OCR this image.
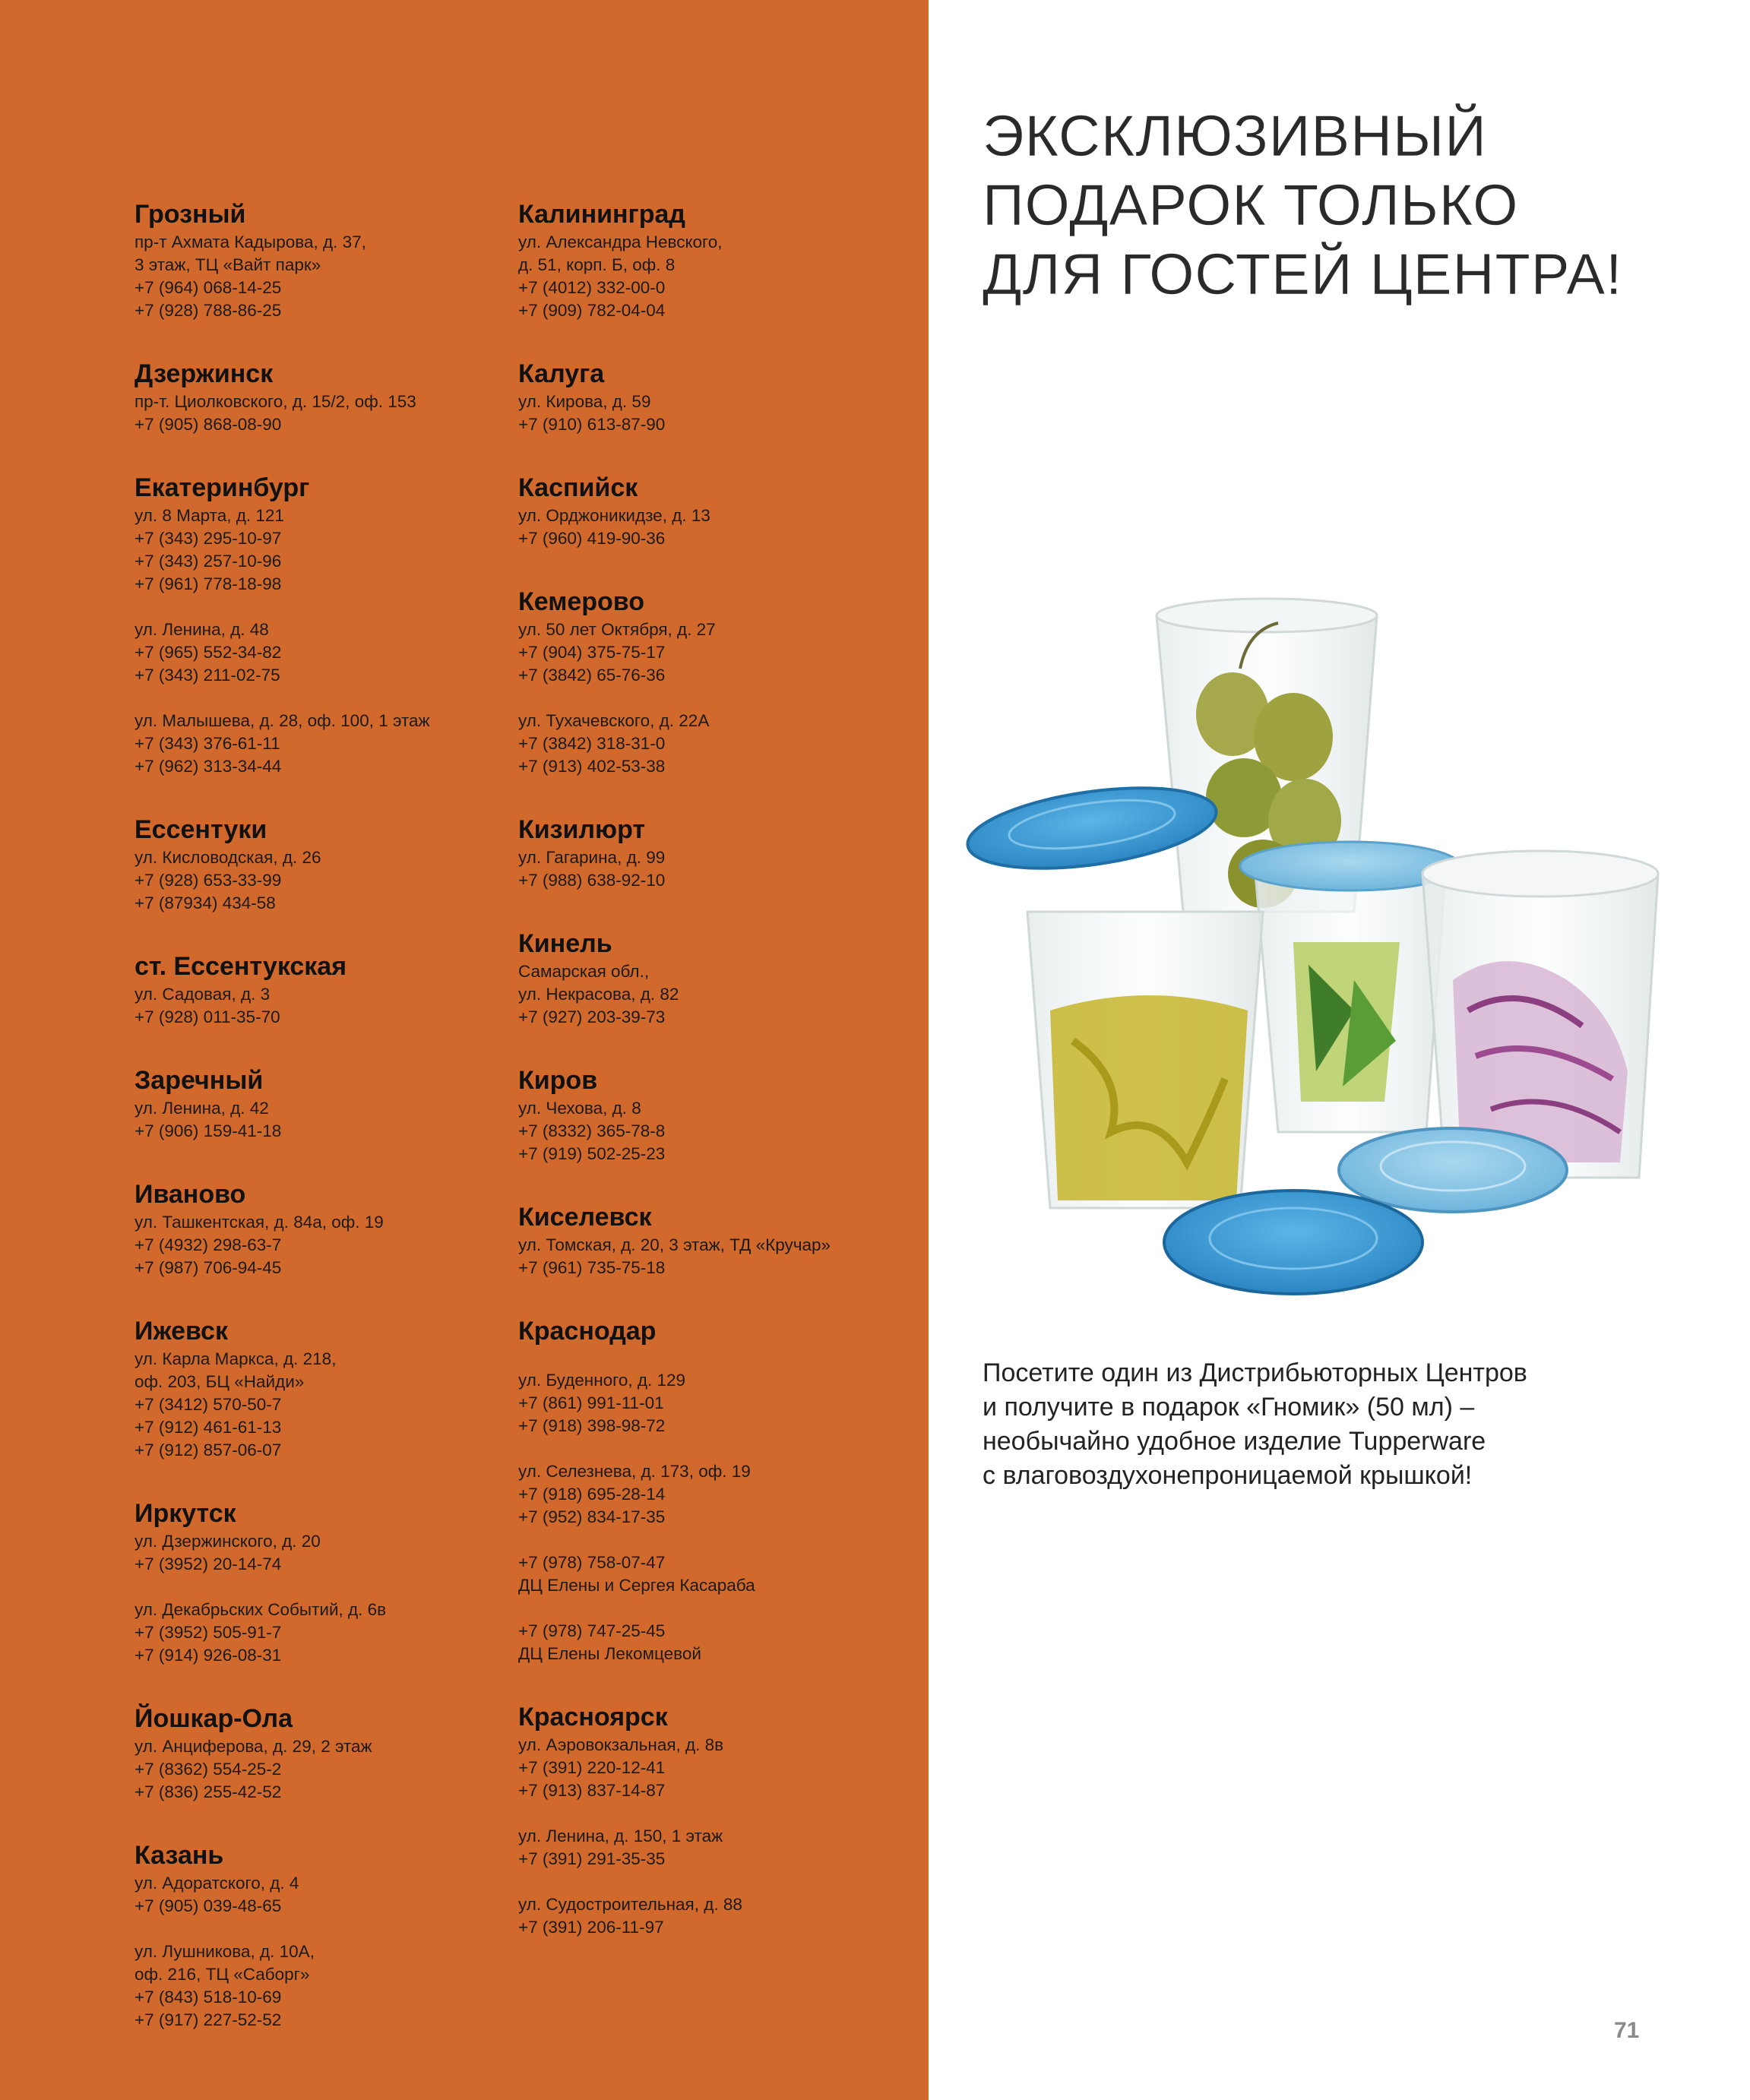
Грозный
пр-т Ахмата Кадырова, д. 37,
3 этаж, ТЦ «Вайт парк»
+7 (964) 068-14-25
+7 (928) 788-86-25
Дзержинск
пр-т. Циолковского, д. 15/2, оф. 153
+7 (905) 868-08-90
Екатеринбург
ул. 8 Марта, д. 121
+7 (343) 295-10-97
+7 (343) 257-10-96
+7 (961) 778-18-98
ул. Ленина, д. 48
+7 (965) 552-34-82
+7 (343) 211-02-75
ул. Малышева, д. 28, оф. 100, 1 этаж
+7 (343) 376-61-11
+7 (962) 313-34-44
Ессентуки
ул. Кисловодская, д. 26
+7 (928) 653-33-99
+7 (87934) 434-58
ст. Ессентукская
ул. Садовая, д. 3
+7 (928) 011-35-70
Заречный
ул. Ленина, д. 42
+7 (906) 159-41-18
Иваново
ул. Ташкентская, д. 84а, оф. 19
+7 (4932) 298-63-7
+7 (987) 706-94-45
Ижевск
ул. Карла Маркса, д. 218,
оф. 203, БЦ «Найди»
+7 (3412) 570-50-7
+7 (912) 461-61-13
+7 (912) 857-06-07
Иркутск
ул. Дзержинского, д. 20
+7 (3952) 20-14-74
ул. Декабрьских Событий, д. 6в
+7 (3952) 505-91-7
+7 (914) 926-08-31
Йошкар-Ола
ул. Анциферова, д. 29, 2 этаж
+7 (8362) 554-25-2
+7 (836) 255-42-52
Казань
ул. Адоратского, д. 4
+7 (905) 039-48-65
ул. Лушникова, д. 10А,
оф. 216, ТЦ «Саборг»
+7 (843) 518-10-69
+7 (917) 227-52-52
Калининград
ул. Александра Невского,
д. 51, корп. Б, оф. 8
+7 (4012) 332-00-0
+7 (909) 782-04-04
Калуга
ул. Кирова, д. 59
+7 (910) 613-87-90
Каспийск
ул. Орджоникидзе, д. 13
+7 (960) 419-90-36
Кемерово
ул. 50 лет Октября, д. 27
+7 (904) 375-75-17
+7 (3842) 65-76-36
ул. Тухачевского, д. 22А
+7 (3842) 318-31-0
+7 (913) 402-53-38
Кизилюрт
ул. Гагарина, д. 99
+7 (988) 638-92-10
Кинель
Самарская обл.,
ул. Некрасова, д. 82
+7 (927) 203-39-73
Киров
ул. Чехова, д. 8
+7 (8332) 365-78-8
+7 (919) 502-25-23
Киселевск
ул. Томская, д. 20, 3 этаж, ТД «Кручар»
+7 (961) 735-75-18
Краснодар
ул. Буденного, д. 129
+7 (861) 991-11-01
+7 (918) 398-98-72
ул. Селезнева, д. 173, оф. 19
+7 (918) 695-28-14
+7 (952) 834-17-35
+7 (978) 758-07-47
ДЦ Елены и Сергея Касараба
+7 (978) 747-25-45
ДЦ Елены Лекомцевой
Красноярск
ул. Аэровокзальная, д. 8в
+7 (391) 220-12-41
+7 (913) 837-14-87
ул. Ленина, д. 150, 1 этаж
+7 (391) 291-35-35
ул. Судостроительная, д. 88
+7 (391) 206-11-97
ЭКСКЛЮЗИВНЫЙ
ПОДАРОК ТОЛЬКО
ДЛЯ ГОСТЕЙ ЦЕНТРА!
Посетите один из Дистрибьюторных Центров
и получите в подарок «Гномик» (50 мл) –
необычайно удобное изделие Tupperware
с влаговоздухонепроницаемой крышкой!
71
